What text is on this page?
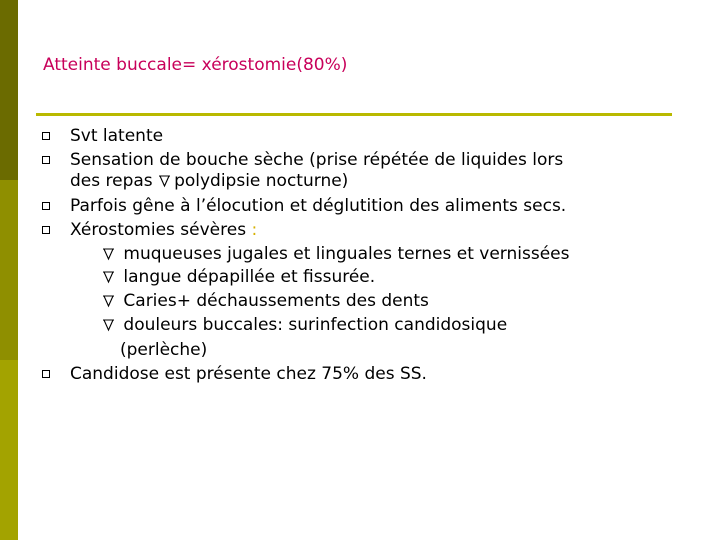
Atteinte buccale= xérostomie(80%)
Svt latente
Sensation de bouche sèche (prise répétée de liquides lors
des repas polydipsie nocturne)
Parfois gêne à l’élocution et déglutition des aliments secs.
Xérostomies sévères :
muqueuses jugales et linguales ternes et vernissées
langue dépapillée et fissurée.
Caries+ déchaussements des dents
douleurs buccales: surinfection candidosique
(perlèche)
Candidose est présente chez 75% des SS.
